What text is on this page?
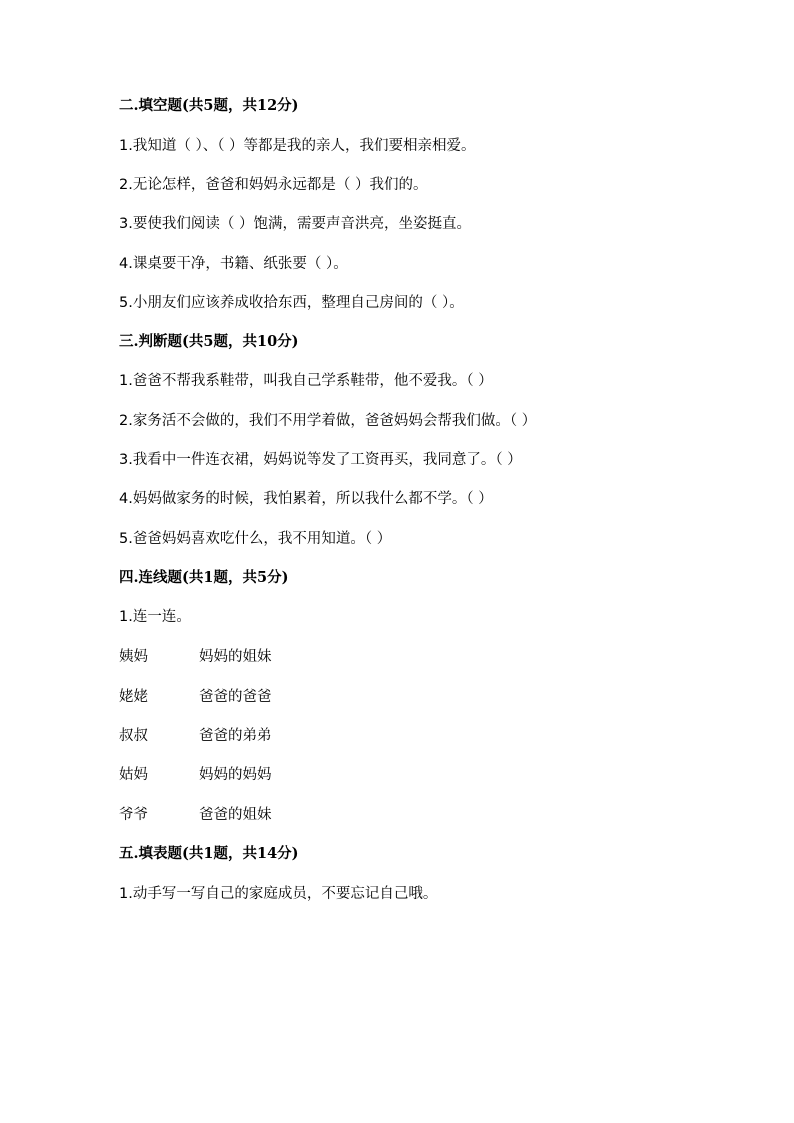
二.填空题(共5题，共12分)
1.我知道（ ）、（ ）等都是我的亲人，我们要相亲相爱。
2.无论怎样，爸爸和妈妈永远都是（ ）我们的。
3.要使我们阅读（ ）饱满，需要声音洪亮，坐姿挺直。
4.课桌要干净，书籍、纸张要（ ）。
5.小朋友们应该养成收拾东西，整理自己房间的（ ）。
三.判断题(共5题，共10分)
1.爸爸不帮我系鞋带，叫我自己学系鞋带，他不爱我。（ ）
2.家务活不会做的，我们不用学着做，爸爸妈妈会帮我们做。（ ）
3.我看中一件连衣裙，妈妈说等发了工资再买，我同意了。（ ）
4.妈妈做家务的时候，我怕累着，所以我什么都不学。（ ）
5.爸爸妈妈喜欢吃什么，我不用知道。（ ）
四.连线题(共1题，共5分)
1.连一连。
姨妈	妈妈的姐妹
姥姥	爸爸的爸爸
叔叔	爸爸的弟弟
姑妈	妈妈的妈妈
爷爷	爸爸的姐妹
五.填表题(共1题，共14分)
1.动手写一写自己的家庭成员，不要忘记自己哦。
